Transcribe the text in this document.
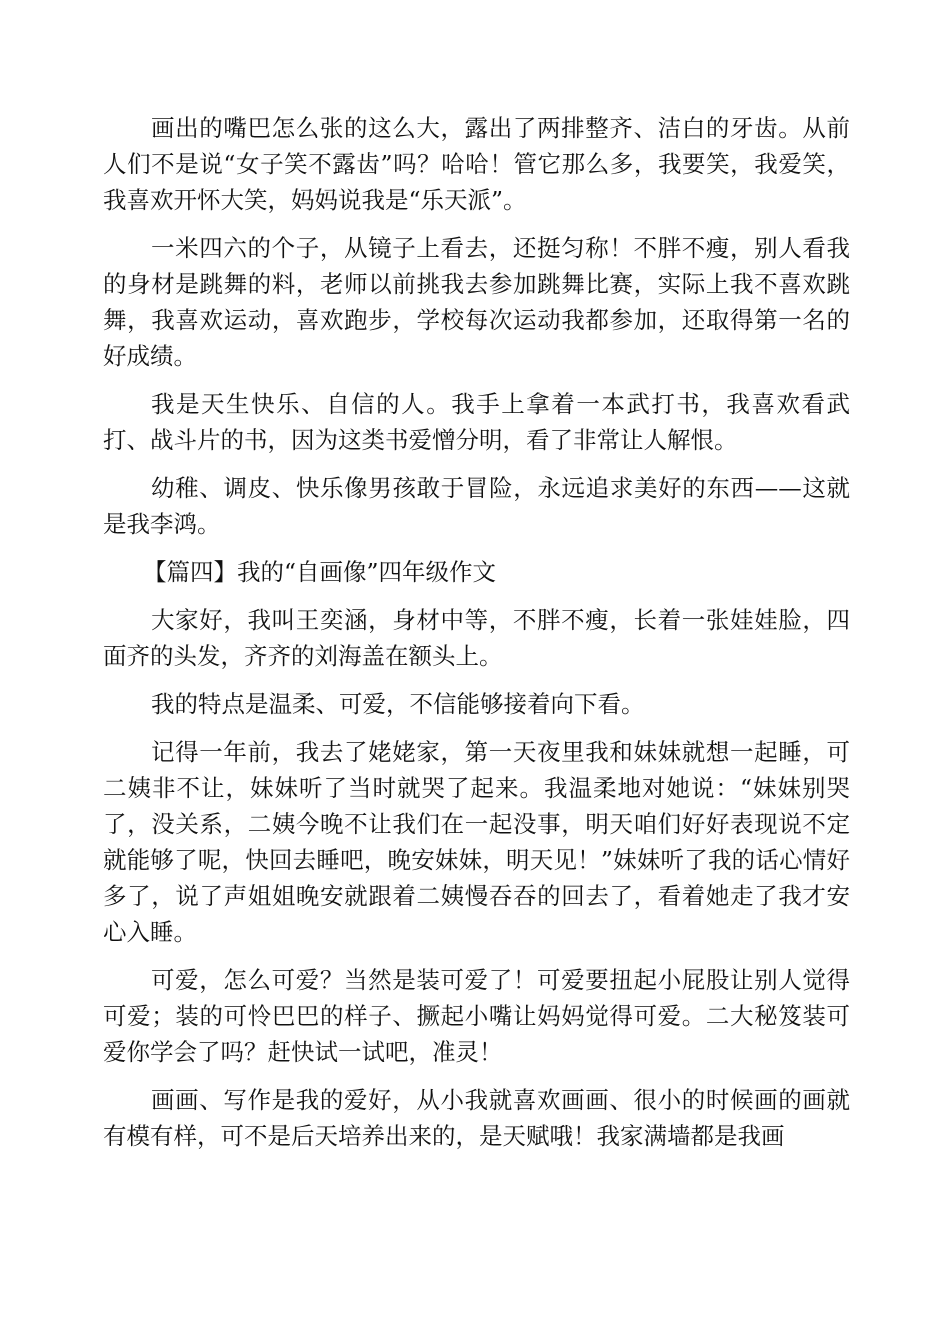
画出的嘴巴怎么张的这么大，露出了两排整齐、洁白的牙齿。从前人们不是说“女子笑不露齿”吗？哈哈！管它那么多，我要笑，我爱笑，我喜欢开怀大笑，妈妈说我是“乐天派”。

一米四六的个子，从镜子上看去，还挺匀称！不胖不瘦，别人看我的身材是跳舞的料，老师以前挑我去参加跳舞比赛，实际上我不喜欢跳舞，我喜欢运动，喜欢跑步，学校每次运动我都参加，还取得第一名的好成绩。

我是天生快乐、自信的人。我手上拿着一本武打书，我喜欢看武打、战斗片的书，因为这类书爱憎分明，看了非常让人解恨。

幼稚、调皮、快乐像男孩敢于冒险，永远追求美好的东西——这就是我李鸿。

【篇四】我的“自画像”四年级作文

大家好，我叫王奕涵，身材中等，不胖不瘦，长着一张娃娃脸，四面齐的头发，齐齐的刘海盖在额头上。

我的特点是温柔、可爱，不信能够接着向下看。

记得一年前，我去了姥姥家，第一天夜里我和妹妹就想一起睡，可二姨非不让，妹妹听了当时就哭了起来。我温柔地对她说：“妹妹别哭了，没关系，二姨今晚不让我们在一起没事，明天咱们好好表现说不定就能够了呢，快回去睡吧，晚安妹妹，明天见！”妹妹听了我的话心情好多了，说了声姐姐晚安就跟着二姨慢吞吞的回去了，看着她走了我才安心入睡。

可爱，怎么可爱？当然是装可爱了！可爱要扭起小屁股让别人觉得可爱；装的可怜巴巴的样子、撅起小嘴让妈妈觉得可爱。二大秘笈装可爱你学会了吗？赶快试一试吧，准灵！

画画、写作是我的爱好，从小我就喜欢画画、很小的时候画的画就有模有样，可不是后天培养出来的，是天赋哦！我家满墙都是我画
